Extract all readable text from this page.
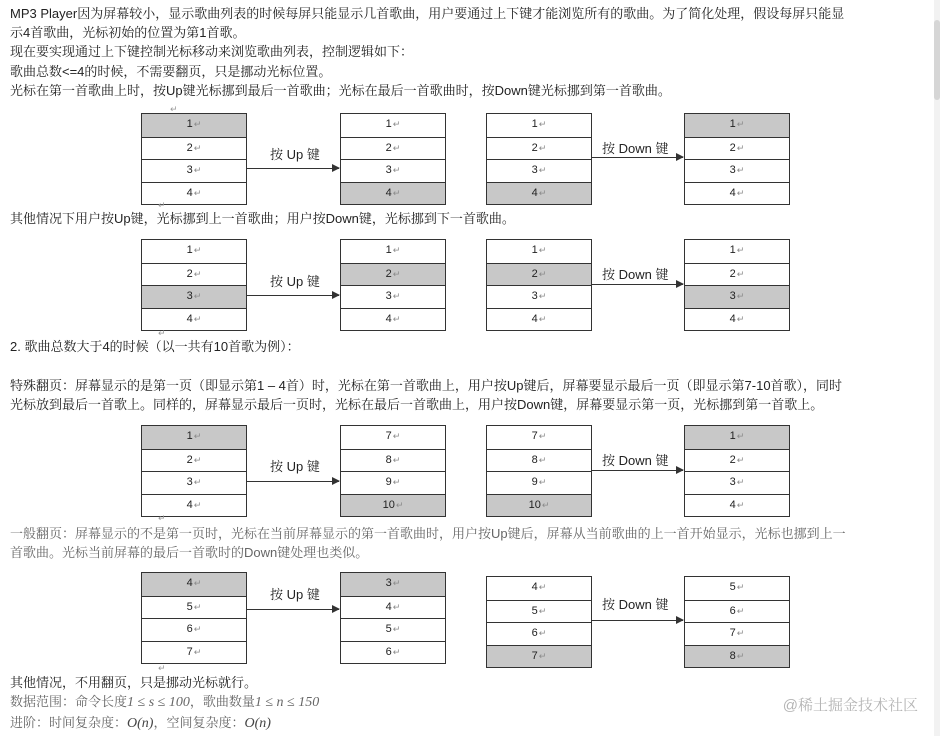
MP3 Player因为屏幕较小，显示歌曲列表的时候每屏只能显示几首歌曲，用户要通过上下键才能浏览所有的歌曲。为了简化处理，假设每屏只能显
示4首歌曲，光标初始的位置为第1首歌。
现在要实现通过上下键控制光标移动来浏览歌曲列表，控制逻辑如下：
歌曲总数<=4的时候，不需要翻页，只是挪动光标位置。
光标在第一首歌曲上时，按Up键光标挪到最后一首歌曲；光标在最后一首歌曲时，按Down键光标挪到第一首歌曲。
其他情况下用户按Up键，光标挪到上一首歌曲；用户按Down键，光标挪到下一首歌曲。
2. 歌曲总数大于4的时候（以一共有10首歌为例）：
特殊翻页：屏幕显示的是第一页（即显示第1 – 4首）时，光标在第一首歌曲上，用户按Up键后，屏幕要显示最后一页（即显示第7-10首歌），同时
光标放到最后一首歌上。同样的，屏幕显示最后一页时，光标在最后一首歌曲上，用户按Down键，屏幕要显示第一页，光标挪到第一首歌上。
一般翻页：屏幕显示的不是第一页时，光标在当前屏幕显示的第一首歌曲时，用户按Up键后，屏幕从当前歌曲的上一首开始显示，光标也挪到上一
首歌曲。光标当前屏幕的最后一首歌时的Down键处理也类似。
其他情况，不用翻页，只是挪动光标就行。
数据范围：命令长度1 ≤ s ≤ 100，歌曲数量1 ≤ n ≤ 150
进阶：时间复杂度：O(n)，空间复杂度：O(n)
1↵
2↵
3↵
4↵
按 Up 键
1↵
2↵
3↵
4↵
1↵
2↵
3↵
4↵
按 Down 键
1↵
2↵
3↵
4↵
1↵
2↵
3↵
4↵
按 Up 键
1↵
2↵
3↵
4↵
1↵
2↵
3↵
4↵
按 Down 键
1↵
2↵
3↵
4↵
1↵
2↵
3↵
4↵
按 Up 键
7↵
8↵
9↵
10↵
7↵
8↵
9↵
10↵
按 Down 键
1↵
2↵
3↵
4↵
4↵
5↵
6↵
7↵
按 Up 键
3↵
4↵
5↵
6↵
4↵
5↵
6↵
7↵
按 Down 键
5↵
6↵
7↵
8↵
↵
↵
↵
↵
↵
@稀土掘金技术社区
